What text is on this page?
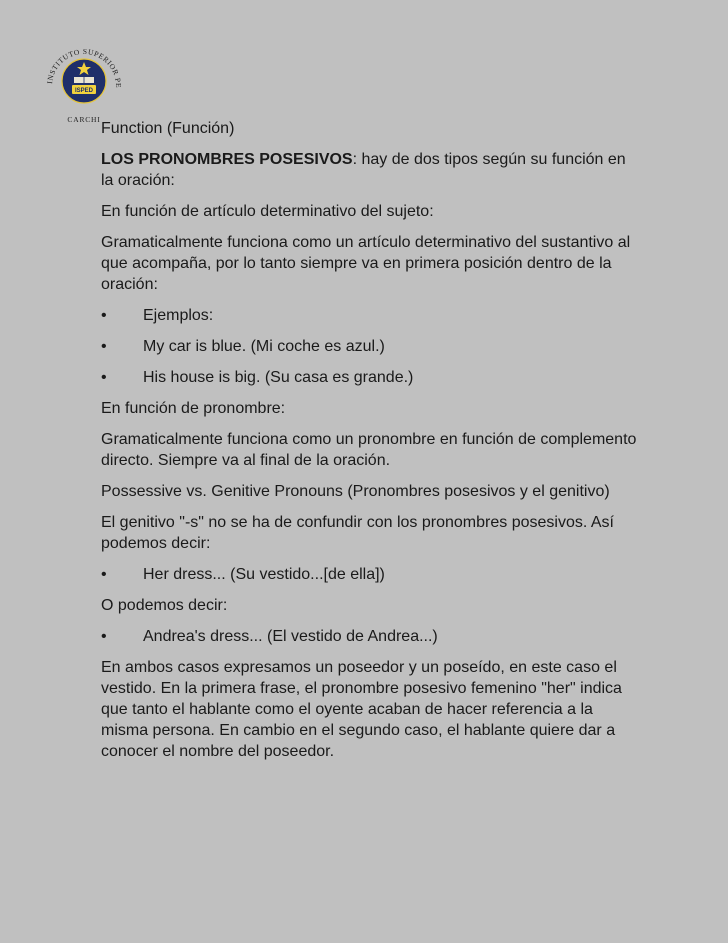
INSTITUTO SUPERIOR PE
ISPED
CARCHI

Function (Función)

LOS PRONOMBRES POSESIVOS: hay de dos tipos según su función en la oración:

En función de artículo determinativo del sujeto:

Gramaticalmente funciona como un artículo determinativo del sustantivo al que acompaña, por lo tanto siempre va en primera posición dentro de la oración:

•	Ejemplos:
•	My car is blue. (Mi coche es azul.)
•	His house is big. (Su casa es grande.)

En función de pronombre:

Gramaticalmente funciona como un pronombre en función de complemento directo. Siempre va al final de la oración.

Possessive vs. Genitive Pronouns (Pronombres posesivos y el genitivo)

El genitivo "-s" no se ha de confundir con los pronombres posesivos. Así podemos decir:

•	Her dress... (Su vestido...[de ella])

O podemos decir:

•	Andrea's dress... (El vestido de Andrea...)

En ambos casos expresamos un poseedor y un poseído, en este caso el vestido. En la primera frase, el pronombre posesivo femenino "her" indica que tanto el hablante como el oyente acaban de hacer referencia a la misma persona. En cambio en el segundo caso, el hablante quiere dar a conocer el nombre del poseedor.
